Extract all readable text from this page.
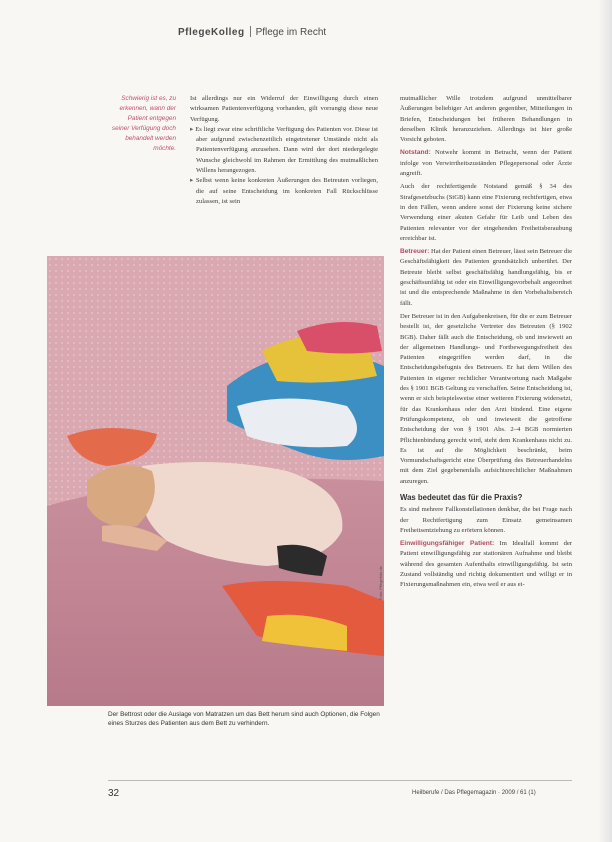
PflegeKolleg Pflege im Recht
Schwierig ist es, zu erkennen, wann der Patient entgegen seiner Verfügung doch behandelt werden möchte.

Ist allerdings nur ein Widerruf der Einwilligung durch einen wirksamen Patientenverfügung vorhanden, gilt vorrangig diese neue Verfügung.

▸ Es liegt zwar eine schriftliche Verfügung des Patienten vor. Diese ist aber aufgrund zwischenzeitlich eingetretener Umstände nicht als Patientenverfügung anzusehen. Dann wird der dort niedergelegte Wunsche gleichwohl im Rahmen der Ermittlung des mutmaßlichen Willens herangezogen.

▸ Selbst wenn keine konkreten Äußerungen des Betreuten vorliegen, die auf seine Entscheidung im konkreten Fall Rückschlüsse zulassen, ist sein

mutmaßlicher Wille trotzdem aufgrund unmittelbarer Äußerungen beliebiger Art anderen gegenüber, Mitteilungen in Briefen, Entscheidungen bei früheren Behandlungen in derselben Klinik heranzuziehen. Allerdings ist hier große Vorsicht geboten.

Notstand: Notwehr kommt in Betracht, wenn der Patient infolge von Verwirrtheitszuständen Pflegepersonal oder Ärzte angreift.

Auch der rechtfertigende Notstand gemäß § 34 des Strafgesetzbuchs (StGB) kann eine Fixierung rechtfertigen, etwa in den Fällen, wenn andere sonst der Fixierung keine sichere Verwendung einer akuten Gefahr für Leib und Leben des Patienten relevanter vor der eingehenden Freiheitsberaubung erreichbar ist.

Betreuer: Hat der Patient einen Betreuer, lässt sein Betreuer die Geschäftsfähigkeit des Patienten grundsätzlich unberührt. Der Betreute bleibt selbst geschäftsfähig handlungsfähig, bis er geschäftsunfähig ist oder ein Einwilligungsvorbehalt angeordnet ist und die entsprechende Maßnahme in den Vorbehaltsbereich fällt.

Der Betreuer ist in den Aufgabenkreisen, für die er zum Betreuer bestellt ist, der gesetzliche Vertreter des Betreuten (§ 1902 BGB). Daher fällt auch die Entscheidung, ob und inwieweit an der allgemeinen Handlungs- und Fortbewegungsfreiheit des Patienten eingegriffen werden darf, in die Entscheidungsbefugnis des Betreuers. Er hat dem Willen des Patienten in eigener rechtlicher Verantwortung nach Maßgabe des § 1901 BGB Geltung zu verschaffen. Seine Entscheidung ist, wenn er sich beispielsweise einer weiteren Fixierung widersetzt, für das Krankenhaus oder den Arzt bindend. Eine eigene Prüfungskompetenz, ob und inwieweit die getroffene Entscheidung der von § 1901 Abs. 2–4 BGB normierten Pflichtenbindung gerecht wird, steht dem Krankenhaus nicht zu. Es ist auf die Möglichkeit beschränkt, beim Vormundschaftsgericht eine Überprüfung des Betreuerhandelns mit dem Ziel gegebenenfalls aufsichtsrechtlicher Maßnahmen anzuregen.

Was bedeutet das für die Praxis?

Es sind mehrere Fallkonstellationen denkbar, die bei Frage nach der Rechtfertigung zum Einsatz gemeinsamen Freiheitsentziehung zu erörtern können.

Einwilligungsfähiger Patient: Im Idealfall kommt der Patient einwilligungsfähig zur stationären Aufnahme und bleibt während des gesamten Aufenthalts einwilligungsfähig. Ist sein Zustand vollständig und richtig dokumentiert und willigt er in Fixierungsmaßnahmen ein, etwa weil er aus ei-

Foto: Pflegefoto.de
Der Bettrost oder die Auslage von Matratzen um das Bett herum sind auch Optionen, die Folgen eines Sturzes des Patienten aus dem Bett zu verhindern.
32	Heilberufe / Das Pflegemagazin · 2009 / 61 (1)
